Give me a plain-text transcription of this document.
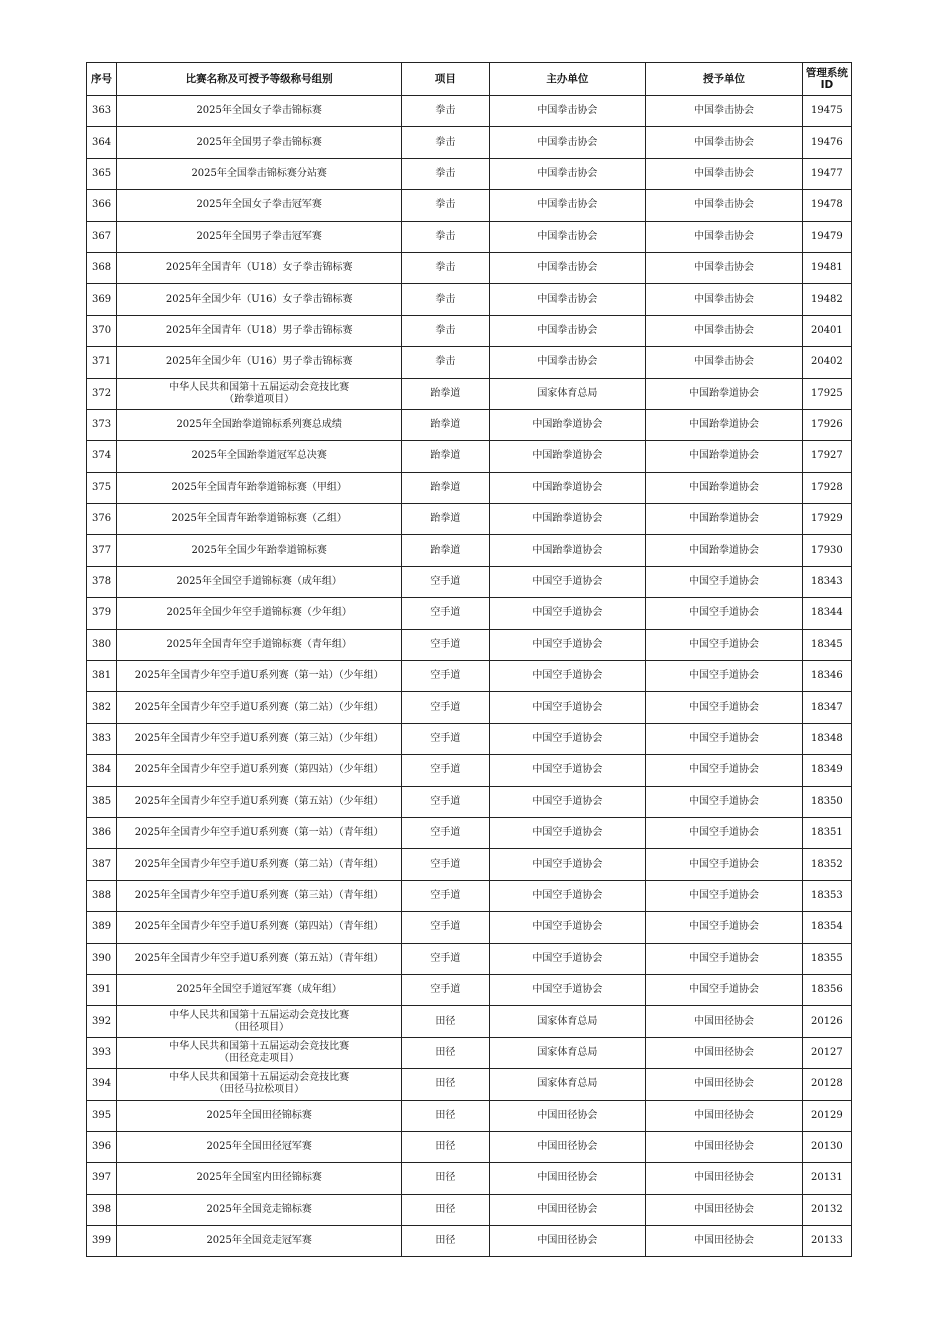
序号	比赛名称及可授予等级称号组别	项目	主办单位	授予单位	管理系统
ID
363	2025年全国女子拳击锦标赛	拳击	中国拳击协会	中国拳击协会	19475
364	2025年全国男子拳击锦标赛	拳击	中国拳击协会	中国拳击协会	19476
365	2025年全国拳击锦标赛分站赛	拳击	中国拳击协会	中国拳击协会	19477
366	2025年全国女子拳击冠军赛	拳击	中国拳击协会	中国拳击协会	19478
367	2025年全国男子拳击冠军赛	拳击	中国拳击协会	中国拳击协会	19479
368	2025年全国青年（U18）女子拳击锦标赛	拳击	中国拳击协会	中国拳击协会	19481
369	2025年全国少年（U16）女子拳击锦标赛	拳击	中国拳击协会	中国拳击协会	19482
370	2025年全国青年（U18）男子拳击锦标赛	拳击	中国拳击协会	中国拳击协会	20401
371	2025年全国少年（U16）男子拳击锦标赛	拳击	中国拳击协会	中国拳击协会	20402
372	中华人民共和国第十五届运动会竞技比赛
（跆拳道项目）	跆拳道	国家体育总局	中国跆拳道协会	17925
373	2025年全国跆拳道锦标系列赛总成绩	跆拳道	中国跆拳道协会	中国跆拳道协会	17926
374	2025年全国跆拳道冠军总决赛	跆拳道	中国跆拳道协会	中国跆拳道协会	17927
375	2025年全国青年跆拳道锦标赛（甲组）	跆拳道	中国跆拳道协会	中国跆拳道协会	17928
376	2025年全国青年跆拳道锦标赛（乙组）	跆拳道	中国跆拳道协会	中国跆拳道协会	17929
377	2025年全国少年跆拳道锦标赛	跆拳道	中国跆拳道协会	中国跆拳道协会	17930
378	2025年全国空手道锦标赛（成年组）	空手道	中国空手道协会	中国空手道协会	18343
379	2025年全国少年空手道锦标赛（少年组）	空手道	中国空手道协会	中国空手道协会	18344
380	2025年全国青年空手道锦标赛（青年组）	空手道	中国空手道协会	中国空手道协会	18345
381	2025年全国青少年空手道U系列赛（第一站）（少年组）	空手道	中国空手道协会	中国空手道协会	18346
382	2025年全国青少年空手道U系列赛（第二站）（少年组）	空手道	中国空手道协会	中国空手道协会	18347
383	2025年全国青少年空手道U系列赛（第三站）（少年组）	空手道	中国空手道协会	中国空手道协会	18348
384	2025年全国青少年空手道U系列赛（第四站）（少年组）	空手道	中国空手道协会	中国空手道协会	18349
385	2025年全国青少年空手道U系列赛（第五站）（少年组）	空手道	中国空手道协会	中国空手道协会	18350
386	2025年全国青少年空手道U系列赛（第一站）（青年组）	空手道	中国空手道协会	中国空手道协会	18351
387	2025年全国青少年空手道U系列赛（第二站）（青年组）	空手道	中国空手道协会	中国空手道协会	18352
388	2025年全国青少年空手道U系列赛（第三站）（青年组）	空手道	中国空手道协会	中国空手道协会	18353
389	2025年全国青少年空手道U系列赛（第四站）（青年组）	空手道	中国空手道协会	中国空手道协会	18354
390	2025年全国青少年空手道U系列赛（第五站）（青年组）	空手道	中国空手道协会	中国空手道协会	18355
391	2025年全国空手道冠军赛（成年组）	空手道	中国空手道协会	中国空手道协会	18356
392	中华人民共和国第十五届运动会竞技比赛
（田径项目）	田径	国家体育总局	中国田径协会	20126
393	中华人民共和国第十五届运动会竞技比赛
（田径竞走项目）	田径	国家体育总局	中国田径协会	20127
394	中华人民共和国第十五届运动会竞技比赛
（田径马拉松项目）	田径	国家体育总局	中国田径协会	20128
395	2025年全国田径锦标赛	田径	中国田径协会	中国田径协会	20129
396	2025年全国田径冠军赛	田径	中国田径协会	中国田径协会	20130
397	2025年全国室内田径锦标赛	田径	中国田径协会	中国田径协会	20131
398	2025年全国竞走锦标赛	田径	中国田径协会	中国田径协会	20132
399	2025年全国竞走冠军赛	田径	中国田径协会	中国田径协会	20133
